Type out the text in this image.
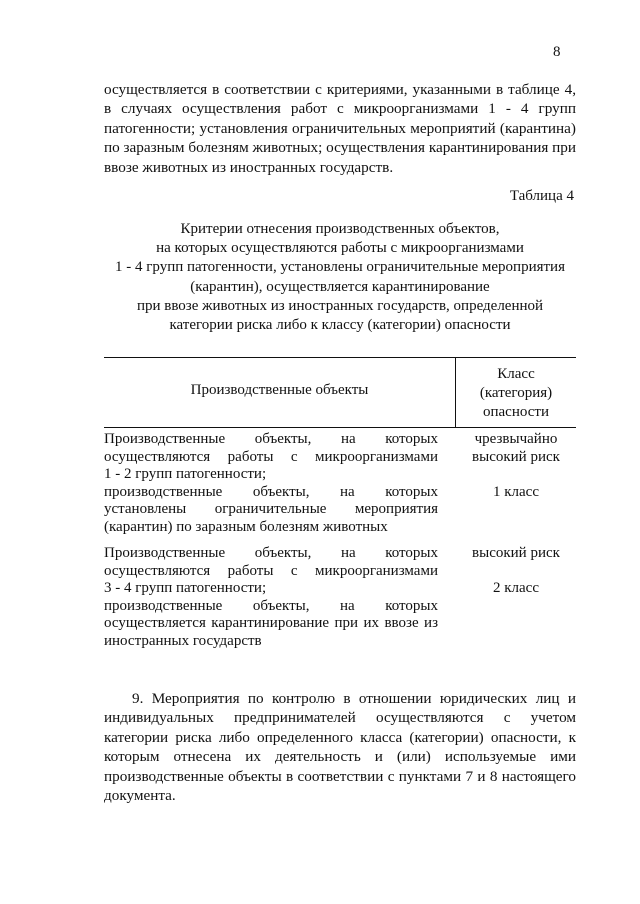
8
осуществляется в соответствии с критериями, указанными в таблице 4, в случаях осуществления работ с микроорганизмами 1 - 4 групп патогенности; установления ограничительных мероприятий (карантина) по заразным болезням животных; осуществления карантинирования при ввозе животных из иностранных государств.
Таблица 4
Критерии отнесения производственных объектов,
на которых осуществляются работы с микроорганизмами
1 - 4 групп патогенности, установлены ограничительные мероприятия
(карантин), осуществляется карантинирование
при ввозе животных из иностранных государств, определенной
категории риска либо к классу (категории) опасности
Производственные объекты
Класс
(категория)
опасности
Производственные объекты, на которых
осуществляются работы с микроорганизмами
1 - 2 групп патогенности;
производственные объекты, на которых
установлены ограничительные мероприятия
(карантин) по заразным болезням животных
чрезвычайно
высокий риск
1 класс
Производственные объекты, на которых
осуществляются работы с микроорганизмами
3 - 4 групп патогенности;
производственные объекты, на которых
осуществляется карантинирование при их ввозе из
иностранных государств
высокий риск
2 класс
9. Мероприятия по контролю в отношении юридических лиц и индивидуальных предпринимателей осуществляются с учетом категории риска либо определенного класса (категории) опасности, к которым отнесена их деятельность и (или) используемые ими производственные объекты в соответствии с пунктами 7 и 8 настоящего документа.
